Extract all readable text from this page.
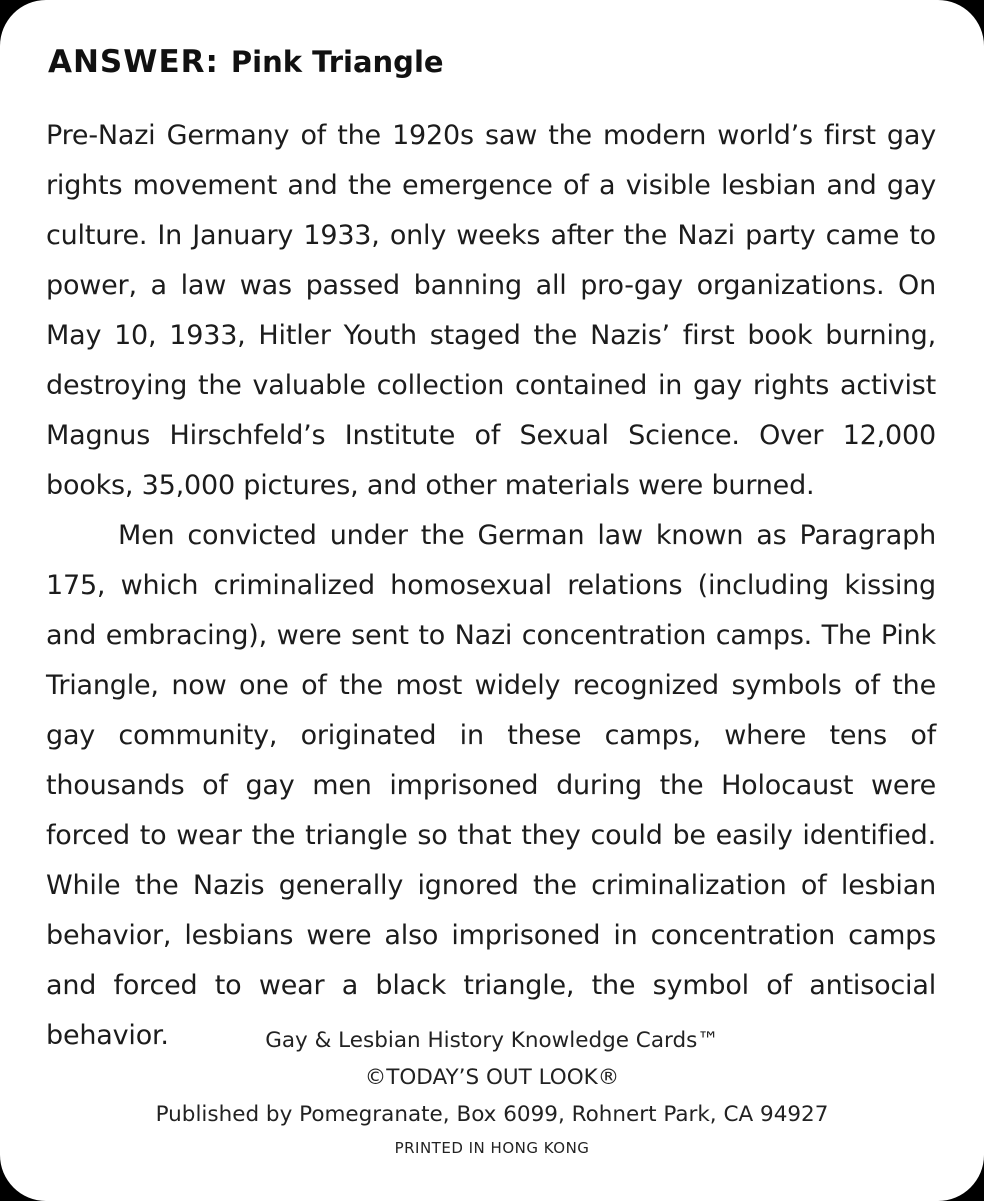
ANSWER: Pink Triangle

Pre-Nazi Germany of the 1920s saw the modern world’s first gay rights movement and the emergence of a visible lesbian and gay culture. In January 1933, only weeks after the Nazi party came to power, a law was passed banning all pro-gay organizations. On May 10, 1933, Hitler Youth staged the Nazis’ first book burning, destroying the valuable collection contained in gay rights activist Magnus Hirschfeld’s Institute of Sexual Science. Over 12,000 books, 35,000 pictures, and other materials were burned.

Men convicted under the German law known as Paragraph 175, which criminalized homosexual relations (including kissing and embracing), were sent to Nazi concentration camps. The Pink Triangle, now one of the most widely recognized symbols of the gay community, originated in these camps, where tens of thousands of gay men imprisoned during the Holocaust were forced to wear the triangle so that they could be easily identified. While the Nazis generally ignored the criminalization of lesbian behavior, lesbians were also imprisoned in concentration camps and forced to wear a black triangle, the symbol of antisocial behavior.	Gay & Lesbian History Knowledge Cards™
©TODAY’S OUT LOOK®
Published by Pomegranate, Box 6099, Rohnert Park, CA 94927
PRINTED IN HONG KONG
